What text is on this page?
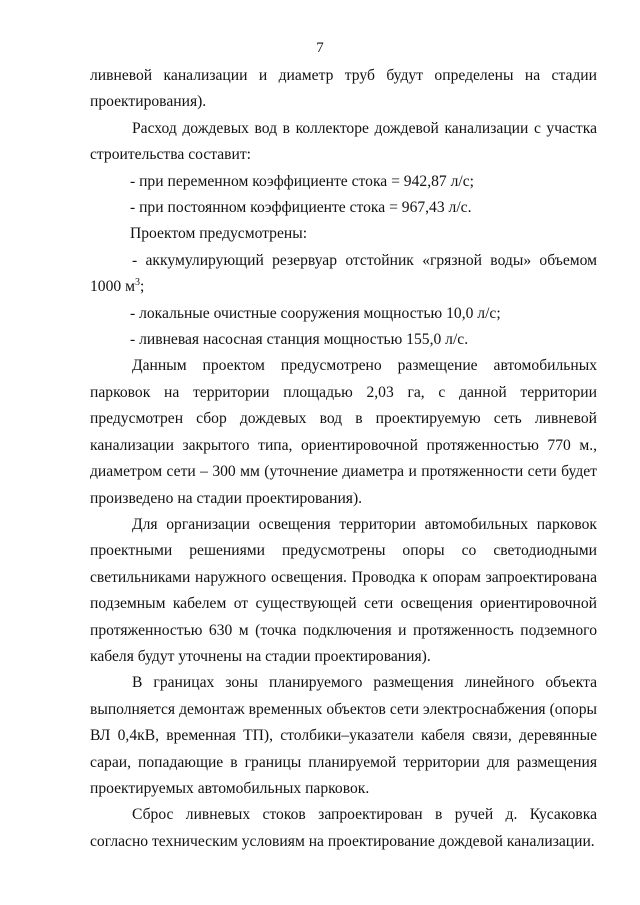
7

ливневой канализации и диаметр труб будут определены на стадии проектирования).

Расход дождевых вод в коллекторе дождевой канализации с участка строительства составит:

- при переменном коэффициенте стока = 942,87 л/с;

- при постоянном коэффициенте стока = 967,43 л/с.

Проектом предусмотрены:

- аккумулирующий резервуар отстойник «грязной воды» объемом 1000 $м^3$;

- локальные очистные сооружения мощностью 10,0 л/с;

- ливневая насосная станция мощностью 155,0 л/с.

Данным проектом предусмотрено размещение автомобильных парковок на территории площадью 2,03 га, с данной территории предусмотрен сбор дождевых вод в проектируемую сеть ливневой канализации закрытого типа, ориентировочной протяженностью 770 м., диаметром сети – 300 мм (уточнение диаметра и протяженности сети будет произведено на стадии проектирования).

Для организации освещения территории автомобильных парковок проектными решениями предусмотрены опоры со светодиодными светильниками наружного освещения. Проводка к опорам запроектирована подземным кабелем от существующей сети освещения ориентировочной протяженностью 630 м (точка подключения и протяженность подземного кабеля будут уточнены на стадии проектирования).

В границах зоны планируемого размещения линейного объекта выполняется демонтаж временных объектов сети электроснабжения (опоры ВЛ 0,4кВ, временная ТП), столбики–указатели кабеля связи, деревянные сараи, попадающие в границы планируемой территории для размещения проектируемых автомобильных парковок.

Сброс ливневых стоков запроектирован в ручей д. Кусаковка согласно техническим условиям на проектирование дождевой канализации.
